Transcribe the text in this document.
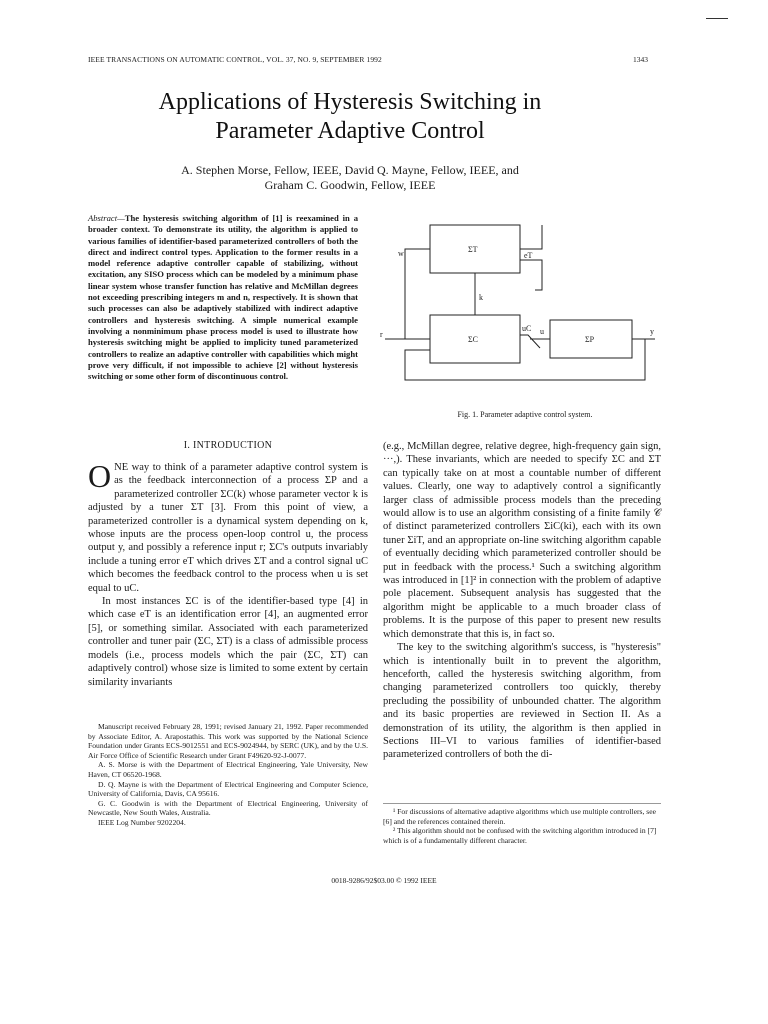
IEEE TRANSACTIONS ON AUTOMATIC CONTROL, VOL. 37, NO. 9, SEPTEMBER 1992	1343
Applications of Hysteresis Switching in
Parameter Adaptive Control
A. Stephen Morse, Fellow, IEEE, David Q. Mayne, Fellow, IEEE, and
Graham C. Goodwin, Fellow, IEEE
Abstract—The hysteresis switching algorithm of [1] is reexamined in a broader context. To demonstrate its utility, the algorithm is applied to various families of identifier-based parameterized controllers of both the direct and indirect control types. Application to the former results in a model reference adaptive controller capable of stabilizing, without excitation, any SISO process which can be modeled by a minimum phase linear system whose transfer function has relative and McMillan degrees not exceeding prescribing integers m and n, respectively. It is shown that such processes can also be adaptively stabilized with indirect adaptive controllers and hysteresis switching. A simple numerical example involving a nonminimum phase process model is used to illustrate how hysteresis switching might be applied to implicity tuned parameterized controllers to realize an adaptive controller with capabilities which might prove very difficult, if not impossible to achieve [2] without hysteresis switching or some other form of discontinuous control.
ΣT
ΣC	ΣP
w	eT
k
r
uC u	y
Fig. 1. Parameter adaptive control system.
I. INTRODUCTION

ONE way to think of a parameter adaptive control system is as the feedback interconnection of a process ΣP and a parameterized controller ΣC(k) whose parameter vector k is adjusted by a tuner ΣT [3]. From this point of view, a parameterized controller is a dynamical system depending on k, whose inputs are the process open-loop control u, the process output y, and possibly a reference input r; ΣC's outputs invariably include a tuning error eT which drives ΣT and a control signal uC which becomes the feedback control to the process when u is set equal to uC.

In most instances ΣC is of the identifier-based type [4] in which case eT is an identification error [4], an augmented error [5], or something similar. Associated with each parameterized controller and tuner pair (ΣC, ΣT) is a class of admissible process models (i.e., process models which the pair (ΣC, ΣT) can adaptively control) whose size is limited to some extent by certain similarity invariants

(e.g., McMillan degree, relative degree, high-frequency gain sign, ···,). These invariants, which are needed to specify ΣC and ΣT can typically take on at most a countable number of different values. Clearly, one way to adaptively control a significantly larger class of admissible process models than the preceding would allow is to use an algorithm consisting of a finite family 𝒞 of distinct parameterized controllers ΣiC(ki), each with its own tuner ΣiT, and an appropriate on-line switching algorithm capable of eventually deciding which parameterized controller should be put in feedback with the process.¹ Such a switching algorithm was introduced in [1]² in connection with the problem of adaptive pole placement. Subsequent analysis has suggested that the algorithm might be applicable to a much broader class of problems. It is the purpose of this paper to present new results which demonstrate that this is, in fact so.

The key to the switching algorithm's success, is "hysteresis" which is intentionally built in to prevent the algorithm, henceforth, called the hysteresis switching algorithm, from changing parameterized controllers too quickly, thereby precluding the possibility of unbounded chatter. The algorithm and its basic properties are reviewed in Section II. As a demonstration of its utility, the algorithm is then applied in Sections III–VI to various families of identifier-based parameterized controllers of both the di-

Manuscript received February 28, 1991; revised January 21, 1992. Paper recommended by Associate Editor, A. Arapostathis. This work was supported by the National Science Foundation under Grants ECS-9012551 and ECS-9024944, by SERC (UK), and by the U.S. Air Force Office of Scientific Research under Grant F49620-92-J-0077.

A. S. Morse is with the Department of Electrical Engineering, Yale University, New Haven, CT 06520-1968.

D. Q. Mayne is with the Department of Electrical Engineering and Computer Science, University of California, Davis, CA 95616.

G. C. Goodwin is with the Department of Electrical Engineering, University of Newcastle, New South Wales, Australia.

IEEE Log Number 9202204.

¹ For discussions of alternative adaptive algorithms which use multiple controllers, see [6] and the references contained therein.

² This algorithm should not be confused with the switching algorithm introduced in [7] which is of a fundamentally different character.

0018-9286/92$03.00 © 1992 IEEE
